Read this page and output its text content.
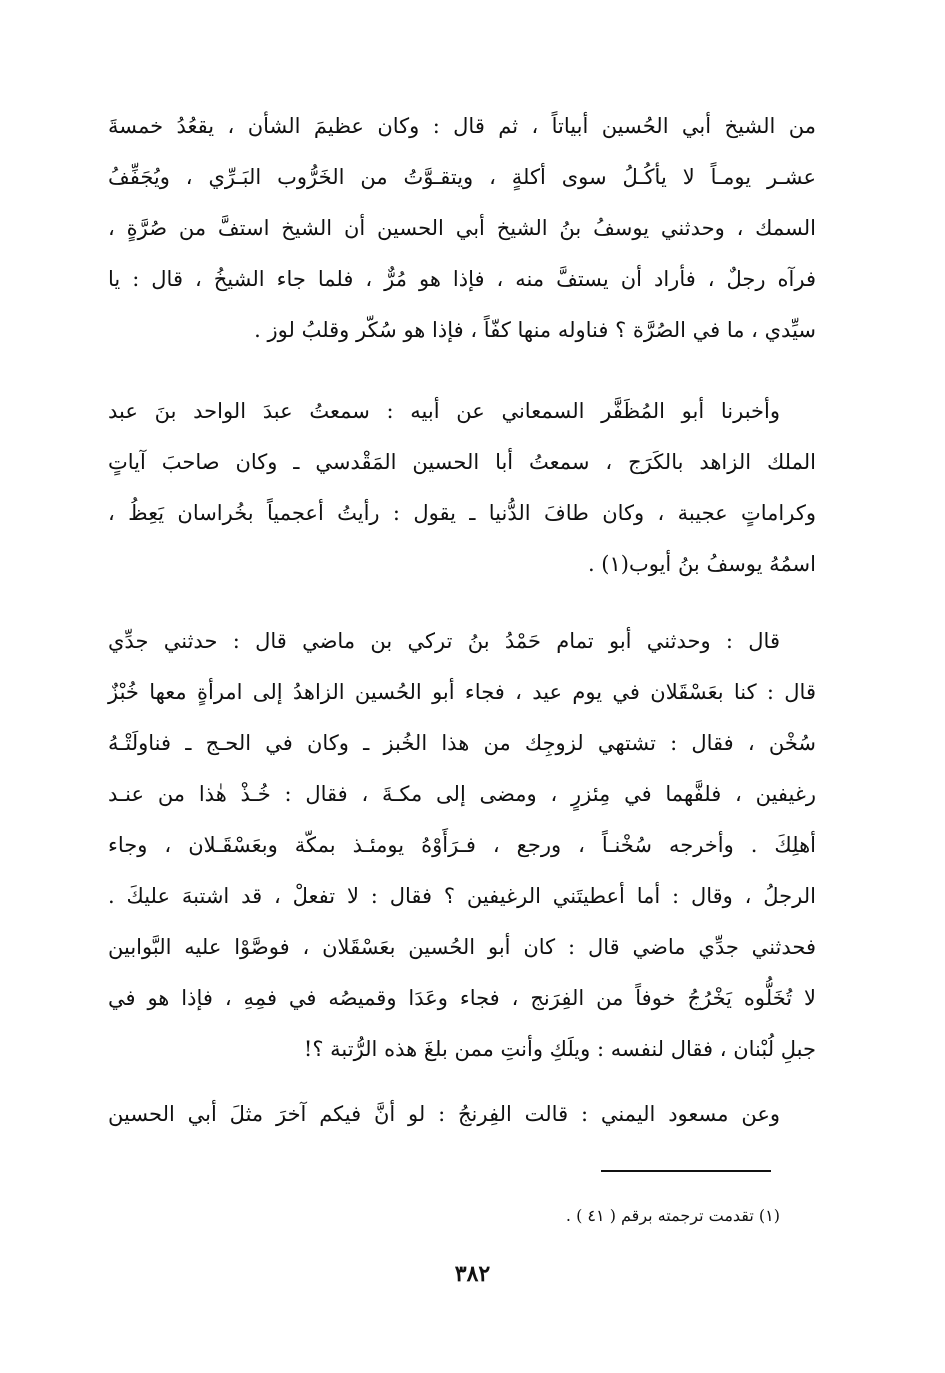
من الشيخ أبي الحُسين أبياتاً ، ثم قال : وكان عظيمَ الشأن ، يقعُدُ خمسةَ
عشـر يومـاً لا يأكُـلُ سوى أكلةٍ ، ويتقـوَّتُ من الخَرُّوب البَـرِّي ، ويُجَفِّفُ
السمك ، وحدثني يوسفُ بنُ الشيخ أبي الحسين أن الشيخ استفَّ من صُرَّةٍ ،
فرآه رجلٌ ، فأراد أن يستفَّ منه ، فإذا هو مُرٌّ ، فلما جاء الشيخُ ، قال : يا
سيِّدي ، ما في الصُرَّة ؟ فناوله منها كفّاً ، فإذا هو سُكّر وقلبُ لوز .
وأخبرنا أبو المُظَفَّر السمعاني عن أبيه : سمعتُ عبدَ الواحد بنَ عبد
الملك الزاهد بالكَرَج ، سمعتُ أبا الحسين المَقْدسي ـ وكان صاحبَ آياتٍ
وكراماتٍ عجيبة ، وكان طافَ الدُّنيا ـ يقول : رأيتُ أعجمياً بخُراسان يَعِظُ ،
اسمُهُ يوسفُ بنُ أيوب(١) .
قال : وحدثني أبو تمام حَمْدُ بنُ تركي بن ماضي قال : حدثني جدِّي
قال : كنا بعَسْقَلان في يوم عيد ، فجاء أبو الحُسين الزاهدُ إلى امرأةٍ معها خُبْزٌ
سُخْن ، فقال : تشتهي لزوجِك من هذا الخُبز ـ وكان في الحـج ـ فناولَتْـهُ
رغيفين ، فلفَّهما في مِئزرٍ ، ومضى إلى مكـةَ ، فقال : خُـذْ هٰذا من عنـد
أهلِكَ . وأخرجه سُخْنـاً ، ورجع ، فـرَأَوْهُ يومئـذ بمكّة وبعَسْقَـلان ، وجاء
الرجلُ ، وقال : أما أعطيتَني الرغيفين ؟ فقال : لا تفعلْ ، قد اشتبهَ عليكَ .
فحدثني جدِّي ماضي قال : كان أبو الحُسين بعَسْقَلان ، فوصَّوْا عليه البَّوابين
لا تُخَلُّوه يَخْرُجُ خوفاً من الفِرَنج ، فجاء وعَدَا وقميصُه في فمِهِ ، فإذا هو في
جبلِ لُبْنان ، فقال لنفسه : ويلَكِ وأنتِ ممن بلغَ هذه الرُّتبة ؟!
وعن مسعود اليمني : قالت الفِرنجُ : لو أنَّ فيكم آخرَ مثلَ أبي الحسين
(١) تقدمت ترجمته برقم ( ٤١ ) .
٣٨٢
